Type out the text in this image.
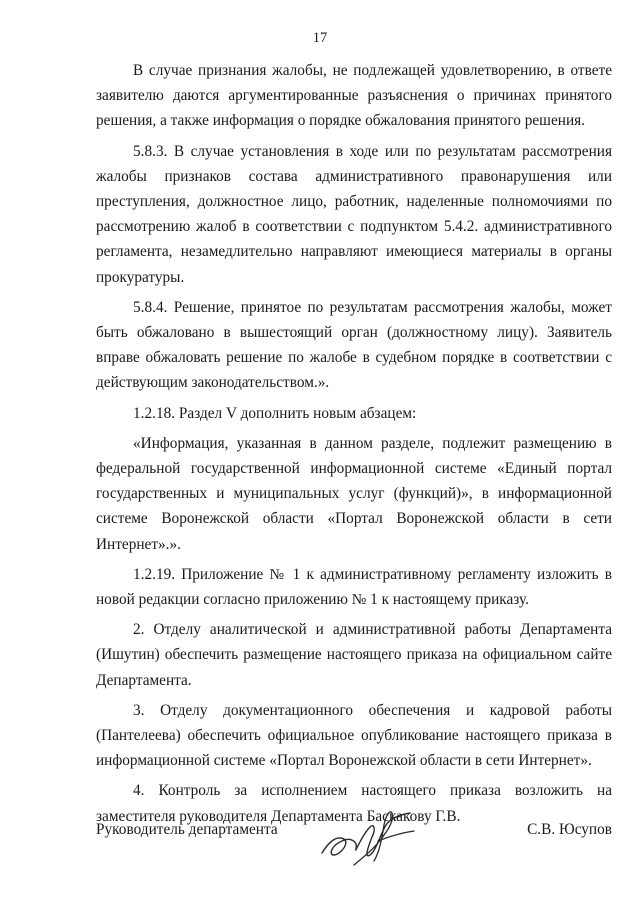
17

В случае признания жалобы, не подлежащей удовлетворению, в ответе заявителю даются аргументированные разъяснения о причинах принятого решения, а также информация о порядке обжалования принятого решения.

5.8.3. В случае установления в ходе или по результатам рассмотрения жалобы признаков состава административного правонарушения или преступления, должностное лицо, работник, наделенные полномочиями по рассмотрению жалоб в соответствии с подпунктом 5.4.2. административного регламента, незамедлительно направляют имеющиеся материалы в органы прокуратуры.

5.8.4. Решение, принятое по результатам рассмотрения жалобы, может быть обжаловано в вышестоящий орган (должностному лицу). Заявитель вправе обжаловать решение по жалобе в судебном порядке в соответствии с действующим законодательством.».

1.2.18. Раздел V дополнить новым абзацем:

«Информация, указанная в данном разделе, подлежит размещению в федеральной государственной информационной системе «Единый портал государственных и муниципальных услуг (функций)», в информационной системе Воронежской области «Портал Воронежской области в сети Интернет».».

1.2.19. Приложение № 1 к административному регламенту изложить в новой редакции согласно приложению № 1 к настоящему приказу.

2. Отделу аналитической и административной работы Департамента (Ишутин) обеспечить размещение настоящего приказа на официальном сайте Департамента.

3. Отделу документационного обеспечения и кадровой работы (Пантелеева) обеспечить официальное опубликование настоящего приказа в информационной системе «Портал Воронежской области в сети Интернет».

4. Контроль за исполнением настоящего приказа возложить на заместителя руководителя Департамента Баскакову Г.В.

Руководитель департамента	С.В. Юсупов
